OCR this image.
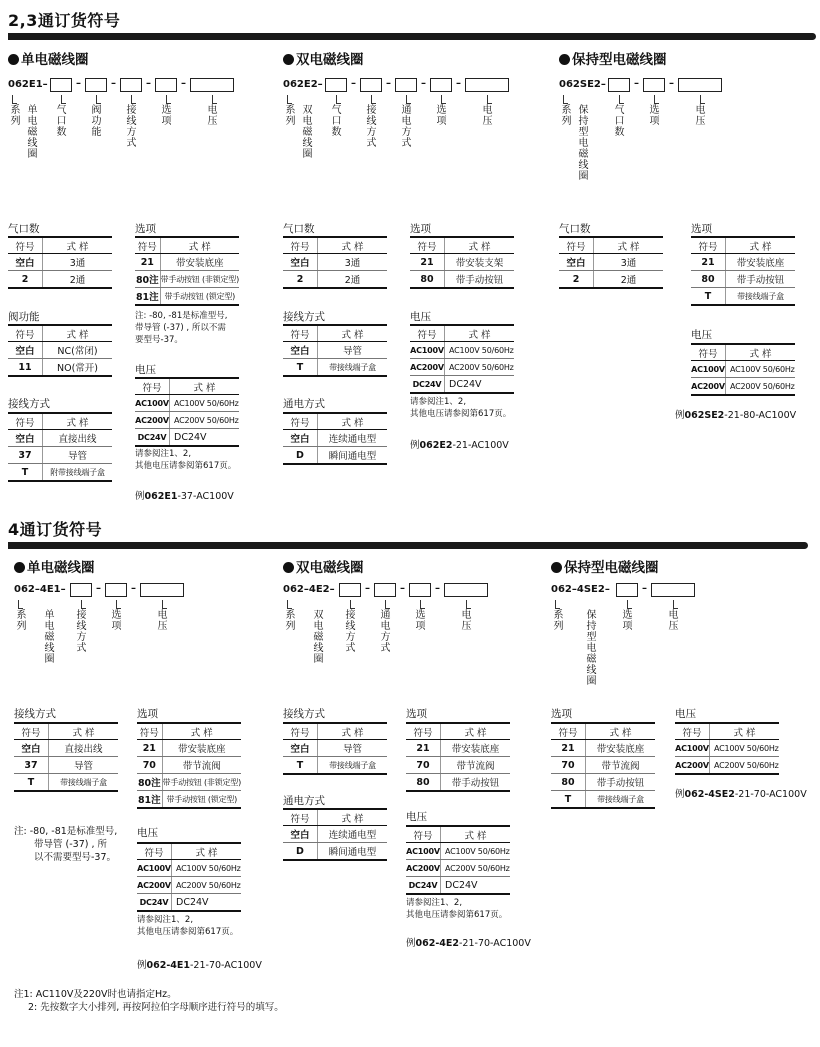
2,3通订货符号
单电磁线圈	双电磁线圈	保持型电磁线圈
062E1–	–	–	–	–
系列
单电磁线圈
气口数
阀功能
接线方式
选项
电压
062E2–	–	–	–	–
系列
双电磁线圈
气口数
接线方式
通电方式
选项
电压
062SE2–	–	–
系列
保持型电磁线圈
气口数
选项
电压
气口数
符号	式 样
空白	3通
2	2通
阀功能
符号	式 样
空白	NC(常闭)
11	NO(常开)
接线方式
符号	式 样
空白	直接出线
37	导管
T	附带接线端子盒
选项
符号	式 样
21	带安装底座
80注	带手动按钮 (非锁定型)
81注	带手动按钮 (锁定型)
注: -80, -81是标准型号,
带导管 (-37) , 所以不需
要型号-37。
电压
符号	式 样
AC100V	AC100V 50/60Hz
AC200V	AC200V 50/60Hz
DC24V	DC24V
请参阅注1、2,
其他电压请参阅第617页。
例062E1-37-AC100V
气口数
符号	式 样
空白	3通
2	2通
接线方式
符号	式 样
空白	导管
T	带接线端子盒
通电方式
符号	式 样
空白	连续通电型
D	瞬间通电型
选项
符号	式 样
21	带安装支架
80	带手动按钮
电压
符号	式 样
AC100V	AC100V 50/60Hz
AC200V	AC200V 50/60Hz
DC24V	DC24V
请参阅注1、2,
其他电压请参阅第617页。
例062E2-21-AC100V
气口数
符号	式 样
空白	3通
2	2通
选项
符号	式 样
21	带安装底座
80	带手动按钮
T	带接线端子盒
电压
符号	式 样
AC100V	AC100V 50/60Hz
AC200V	AC200V 50/60Hz
例062SE2-21-80-AC100V
4通订货符号
单电磁线圈	双电磁线圈	保持型电磁线圈
062–4E1–	–	–
系列
单电磁线圈
接线方式
选项
电压
062–4E2–	–	–	–
系列
双电磁线圈
接线方式
通电方式
选项
电压
062–4SE2–	–
系列
保持型电磁线圈
选项
电压
接线方式
符号	式 样
空白	直接出线
37	导管
T	带接线端子盒
注: -80, -81是标准型号,
带导管 (-37) , 所
以不需要型号-37。
选项
符号	式 样
21	带安装底座
70	带节流阀
80注	带手动按钮 (非锁定型)
81注	带手动按钮 (锁定型)
电压
符号	式 样
AC100V	AC100V 50/60Hz
AC200V	AC200V 50/60Hz
DC24V	DC24V
请参阅注1、2,
其他电压请参阅第617页。
例062-4E1-21-70-AC100V
接线方式
符号	式 样
空白	导管
T	带接线端子盒
通电方式
符号	式 样
空白	连续通电型
D	瞬间通电型
选项
符号	式 样
21	带安装底座
70	带节流阀
80	带手动按钮
电压
符号	式 样
AC100V	AC100V 50/60Hz
AC200V	AC200V 50/60Hz
DC24V	DC24V
请参阅注1、2,
其他电压请参阅第617页。
例062-4E2-21-70-AC100V
选项
符号	式 样
21	带安装底座
70	带节流阀
80	带手动按钮
T	带接线端子盒
电压
符号	式 样
AC100V	AC100V 50/60Hz
AC200V	AC200V 50/60Hz
例062-4SE2-21-70-AC100V
注1: AC110V及220V时也请指定Hz。
2: 先按数字大小排列, 再按阿拉伯字母顺序进行符号的填写。
